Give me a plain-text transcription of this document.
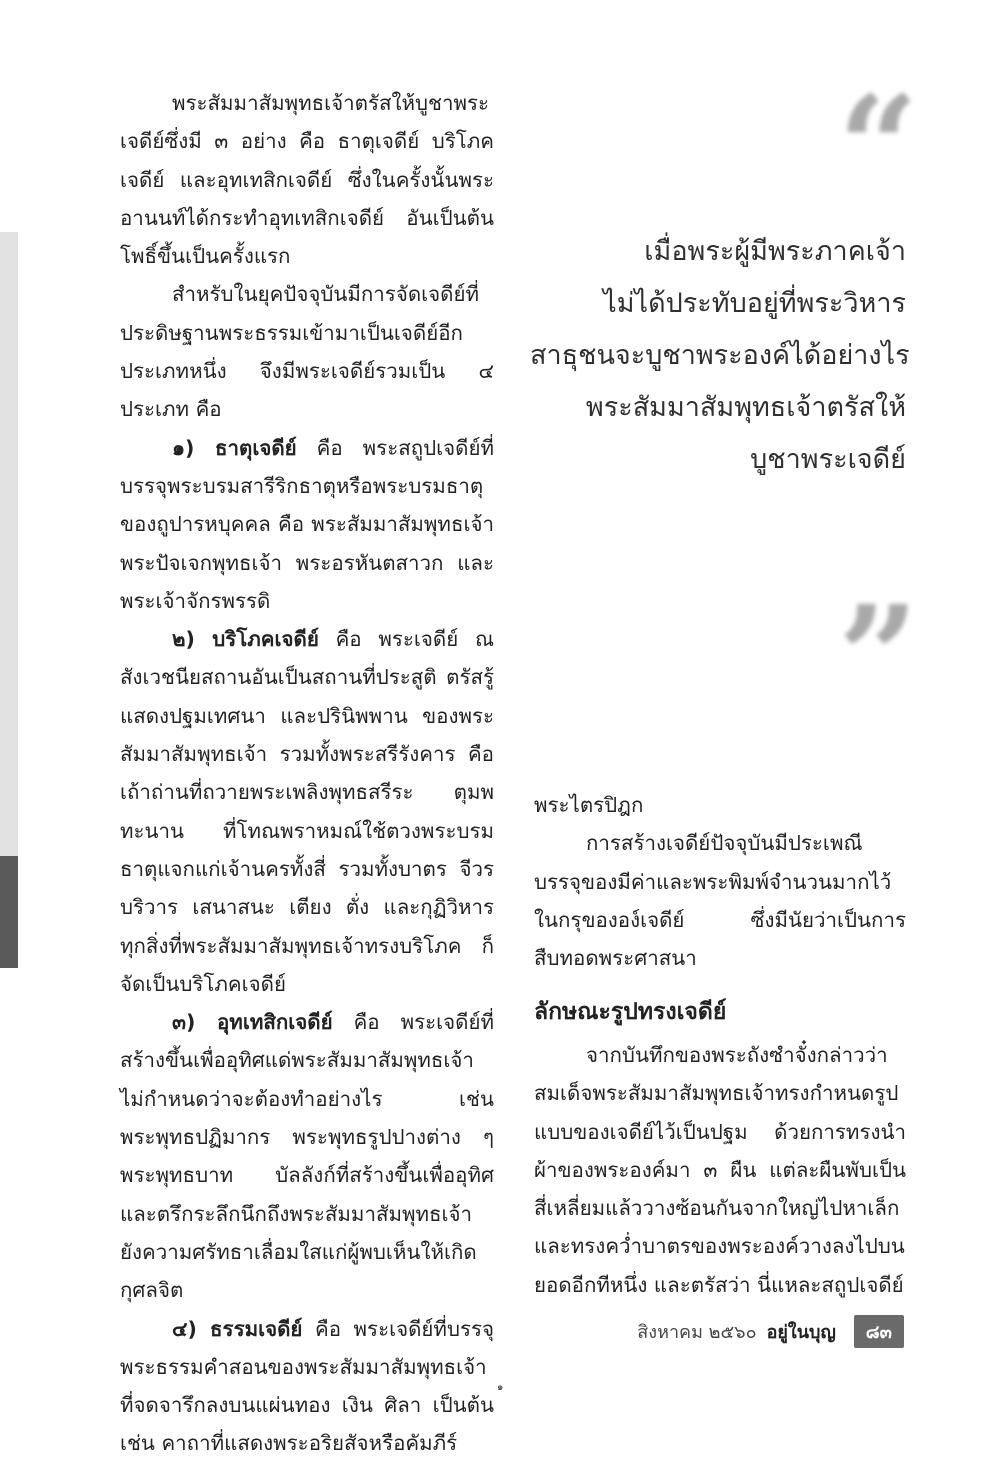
พระสัมมาสัมพุทธเจ้าตรัสให้บูชาพระเจดีย์ซึ่งมี ๓ อย่าง คือ ธาตุเจดีย์ บริโภคเจดีย์ และอุทเทสิกเจดีย์ ซึ่งในครั้งนั้นพระอานนท์ได้กระทำอุทเทสิกเจดีย์ อันเป็นต้นโพธิ์ขึ้นเป็นครั้งแรก

สำหรับในยุคปัจจุบันมีการจัดเจดีย์ที่ประดิษฐานพระธรรมเข้ามาเป็นเจดีย์อีกประเภทหนึ่ง จึงมีพระเจดีย์รวมเป็น ๔ ประเภท คือ

๑) ธาตุเจดีย์ คือ พระสถูปเจดีย์ที่บรรจุพระบรมสารีริกธาตุหรือพระบรมธาตุของถูปารหบุคคล คือ พระสัมมาสัมพุทธเจ้า พระปัจเจกพุทธเจ้า พระอรหันตสาวก และพระเจ้าจักรพรรดิ

๒) บริโภคเจดีย์ คือ พระเจดีย์ ณ สังเวชนียสถานอันเป็นสถานที่ประสูติ ตรัสรู้ แสดงปฐมเทศนา และปรินิพพาน ของพระสัมมาสัมพุทธเจ้า รวมทั้งพระสรีรังคาร คือ เถ้าถ่านที่ถวายพระเพลิงพุทธสรีระ ตุมพทะนาน ที่โทณพราหมณ์ใช้ตวงพระบรมธาตุแจกแก่เจ้านครทั้งสี่ รวมทั้งบาตร จีวร บริวาร เสนาสนะ เตียง ตั่ง และกุฏิวิหาร ทุกสิ่งที่พระสัมมาสัมพุทธเจ้าทรงบริโภค ก็จัดเป็นบริโภคเจดีย์

๓) อุทเทสิกเจดีย์ คือ พระเจดีย์ที่สร้างขึ้นเพื่ออุทิศแด่พระสัมมาสัมพุทธเจ้า ไม่กำหนดว่าจะต้องทำอย่างไร เช่น พระพุทธปฏิมากร พระพุทธรูปปางต่าง ๆ พระพุทธบาท บัลลังก์ที่สร้างขึ้นเพื่ออุทิศและตรึกระลึกนึกถึงพระสัมมาสัมพุทธเจ้า ยังความศรัทธาเลื่อมใสแก่ผู้พบเห็นให้เกิดกุศลจิต

๔) ธรรมเจดีย์ คือ พระเจดีย์ที่บรรจุพระธรรมคำสอนของพระสัมมาสัมพุทธเจ้าที่จดจารึกลงบนแผ่นทอง เงิน ศิลา เป็นต้น เช่น คาถาที่แสดงพระอริยสัจหรือคัมภีร์

“
เมื่อพระผู้มีพระภาคเจ้า
ไม่ได้ประทับอยู่ที่พระวิหาร
สาธุชนจะบูชาพระองค์ได้อย่างไร
พระสัมมาสัมพุทธเจ้าตรัสให้
บูชาพระเจดีย์
”

พระไตรปิฎก

การสร้างเจดีย์ปัจจุบันมีประเพณีบรรจุของมีค่าและพระพิมพ์จำนวนมากไว้ในกรุขององ์เจดีย์ ซึ่งมีนัยว่าเป็นการสืบทอดพระศาสนา

ลักษณะรูปทรงเจดีย์

จากบันทึกของพระถังซำจั๋งกล่าวว่าสมเด็จพระสัมมาสัมพุทธเจ้าทรงกำหนดรูปแบบของเจดีย์ไว้เป็นปฐม ด้วยการทรงนำผ้าของพระองค์มา ๓ ผืน แต่ละผืนพับเป็นสี่เหลี่ยมแล้ววางซ้อนกันจากใหญ่ไปหาเล็ก และทรงคว่ำบาตรของพระองค์วางลงไปบนยอดอีกทีหนึ่ง และตรัสว่า นี่แหละสถูปเจดีย์

สิงหาคม ๒๕๖๐ อยู่ในบุญ	๘๓
๑
